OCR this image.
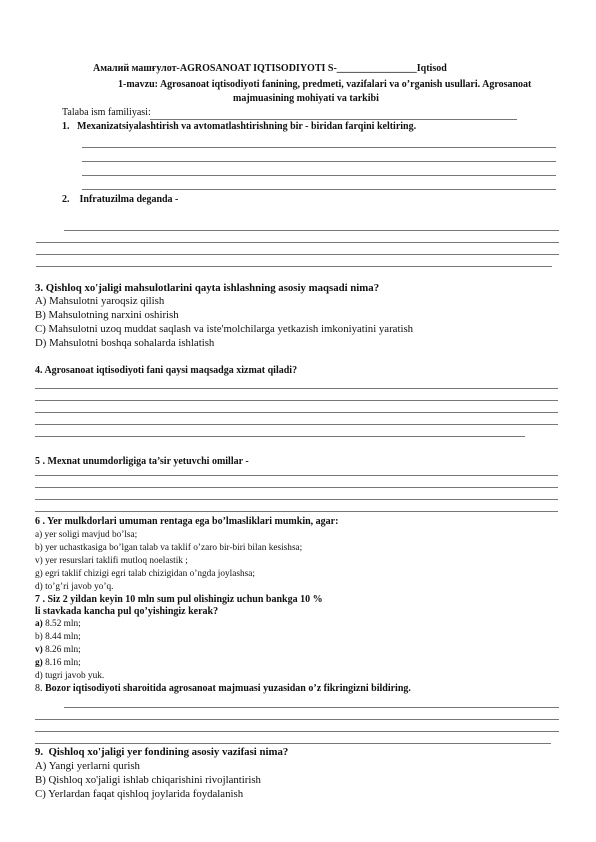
Амалий машғулот-AGROSANOAT IQTISODIYOTI S-________________Iqtisod
1-mavzu: Agrosanoat iqtisodiyoti fanining, predmeti, vazifalari va o’rganish usullari. Agrosanoat
majmuasining mohiyati va tarkibi
Talaba ism familiyasi:
1.   Mexanizatsiyalashtirish va avtomatlashtirishning bir - biridan farqini keltiring.
2.    Infratuzilma deganda -
3. Qishloq xo'jaligi mahsulotlarini qayta ishlashning asosiy maqsadi nima?
A) Mahsulotni yaroqsiz qilish
B) Mahsulotning narxini oshirish
C) Mahsulotni uzoq muddat saqlash va iste'molchilarga yetkazish imkoniyatini yaratish
D) Mahsulotni boshqa sohalarda ishlatish
4. Agrosanoat iqtisodiyoti fani qaysi maqsadga xizmat qiladi?
5 . Mexnat unumdorligiga ta’sir yetuvchi omillar -
6 . Yer mulkdorlari umuman rentaga ega bo’lmasliklari mumkin, agar:
a) yer soligi mavjud bo’lsa;
b) yer uchastkasiga bo’lgan talab va taklif o’zaro bir-biri bilan kesishsa;
v) yer resurslari taklifi mutloq noelastik ;
g) egri taklif chizigi egri talab chizigidan o’ngda joylashsa;
d) to’g’ri javob yo’q.
7 . Siz 2 yildan keyin 10 mln sum pul olishingiz uchun bankga 10 %
li stavkada kancha pul qo’yishingiz kerak?
a) 8.52 mln;
b) 8.44 mln;
v) 8.26 mln;
g) 8.16 mln;
d) tugri javob yuk.
8. Bozor iqtisodiyoti sharoitida agrosanoat majmuasi yuzasidan o’z fikringizni bildiring.
9.  Qishloq xo'jaligi yer fondining asosiy vazifasi nima?
A) Yangi yerlarni qurish
B) Qishloq xo'jaligi ishlab chiqarishini rivojlantirish
C) Yerlardan faqat qishloq joylarida foydalanish
